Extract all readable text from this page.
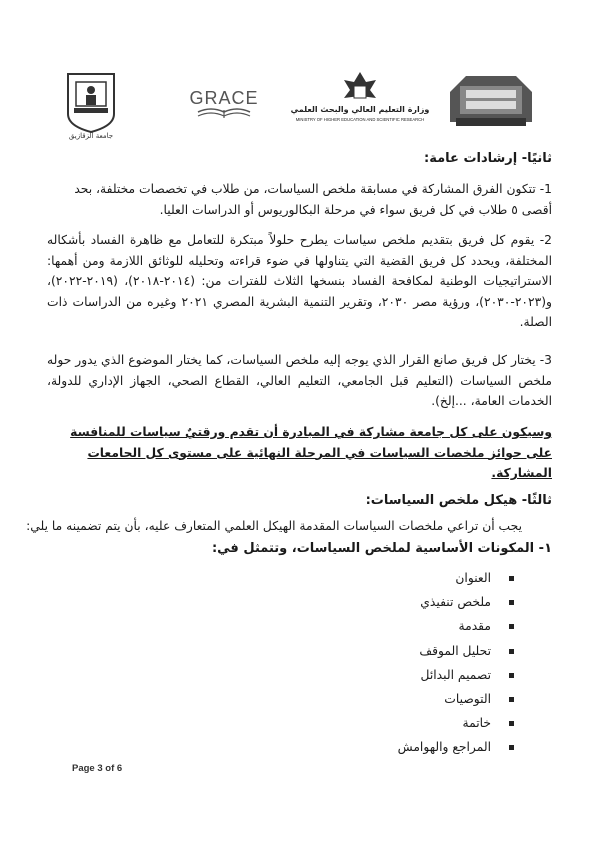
جامعة الزقازيق
GRACE
وزارة التعليم العالي والبحث العلمي
MINISTRY OF HIGHER EDUCATION AND SCIENTIFIC RESEARCH
ثانيًا- إرشادات عامة:
1- تتكون الفرق المشاركة في مسابقة ملخص السياسات، من طلاب في تخصصات مختلفة، بحد أقصى ٥ طلاب في كل فريق سواء في مرحلة البكالوريوس أو الدراسات العليا.
2- يقوم كل فريق بتقديم ملخص سياسات يطرح حلولاً مبتكرة للتعامل مع ظاهرة الفساد بأشكاله المختلفة، ويحدد كل فريق القضية التي يتناولها في ضوء قراءته وتحليله للوثائق اللازمة ومن أهمها: الاستراتيجيات الوطنية لمكافحة الفساد بنسخها الثلاث للفترات من: (٢٠١٤-٢٠١٨)، (٢٠١٩-٢٠٢٢)، و(٢٠٢٣-٢٠٣٠)، ورؤية مصر ٢٠٣٠، وتقرير التنمية البشرية المصري ٢٠٢١ وغيره من الدراسات ذات الصلة.
3- يختار كل فريق صانع القرار الذي يوجه إليه ملخص السياسات، كما يختار الموضوع الذي يدور حوله ملخص السياسات (التعليم قبل الجامعي، التعليم العالي، القطاع الصحي، الجهاز الإداري للدولة، الخدمات العامة، ...إلخ).
وسيكون على كل جامعة مشاركة في المبادرة أن تقدم ورقتيٌ سياسات للمنافسة على جوائز ملخصات السياسات في المرحلة النهائية على مستوى كل الجامعات المشاركة.
ثالثًا- هيكل ملخص السياسات:
يجب أن تراعي ملخصات السياسات المقدمة الهيكل العلمي المتعارف عليه، بأن يتم تضمينه ما يلي:
١- المكونات الأساسية لملخص السياسات، وتتمثل في:
العنوان
ملخص تنفيذي
مقدمة
تحليل الموقف
تصميم البدائل
التوصيات
خاتمة
المراجع والهوامش
Page 3 of 6
